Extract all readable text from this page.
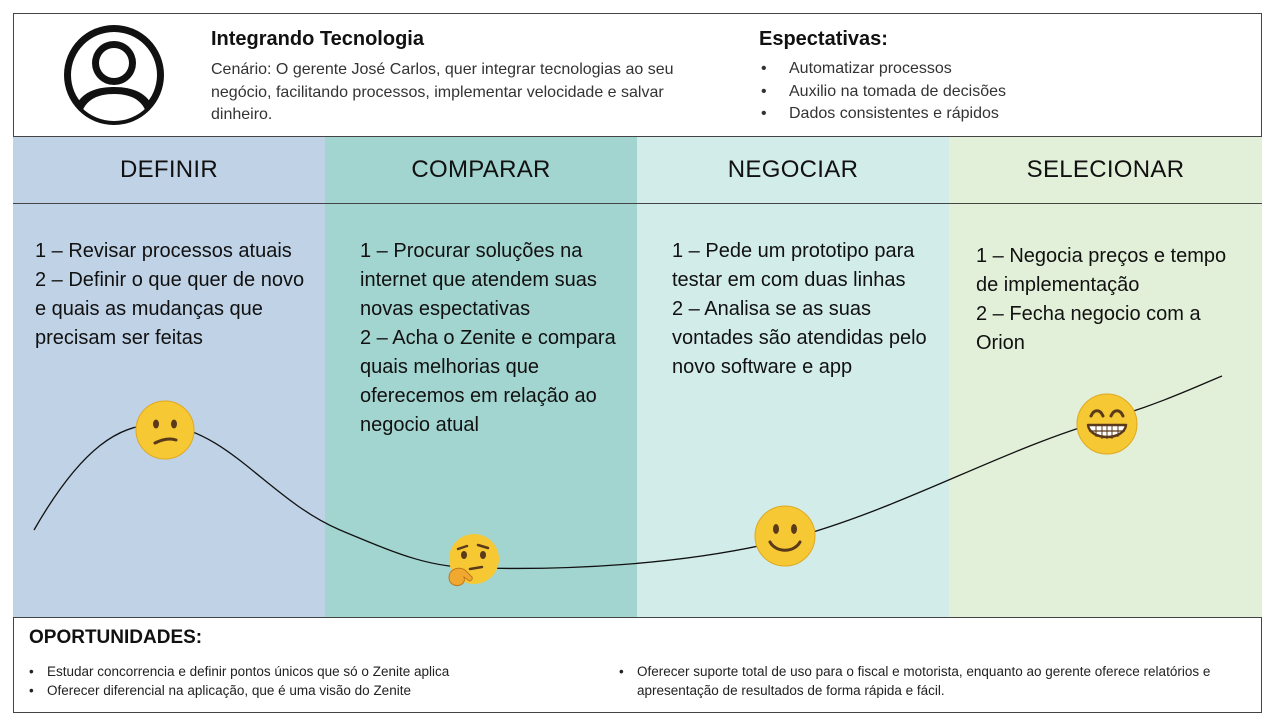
Integrando Tecnologia
Cenário: O gerente José Carlos, quer integrar tecnologias ao seu negócio, facilitando processos, implementar velocidade e salvar dinheiro.
Espectativas:
• Automatizar processos
• Auxilio na tomada de decisões
• Dados consistentes e rápidos
DEFINIR
1 – Revisar processos atuais
2 – Definir o que quer de novo e quais as mudanças que precisam ser feitas
COMPARAR
1 – Procurar soluções na internet que atendem suas novas espectativas
2 – Acha o Zenite e compara quais melhorias que oferecemos em relação ao negocio atual
NEGOCIAR
1 – Pede um prototipo para testar em com duas linhas
2 – Analisa se as suas vontades são atendidas pelo novo software e app
SELECIONAR
1 – Negocia preços e tempo de implementação
2 – Fecha negocio com a Orion
OPORTUNIDADES:
• Estudar concorrencia e definir pontos únicos que só o Zenite aplica
• Oferecer diferencial na aplicação, que é uma visão do Zenite
• Oferecer suporte total de uso para o fiscal e motorista, enquanto ao gerente oferece relatórios e apresentação de resultados de forma rápida e fácil.
